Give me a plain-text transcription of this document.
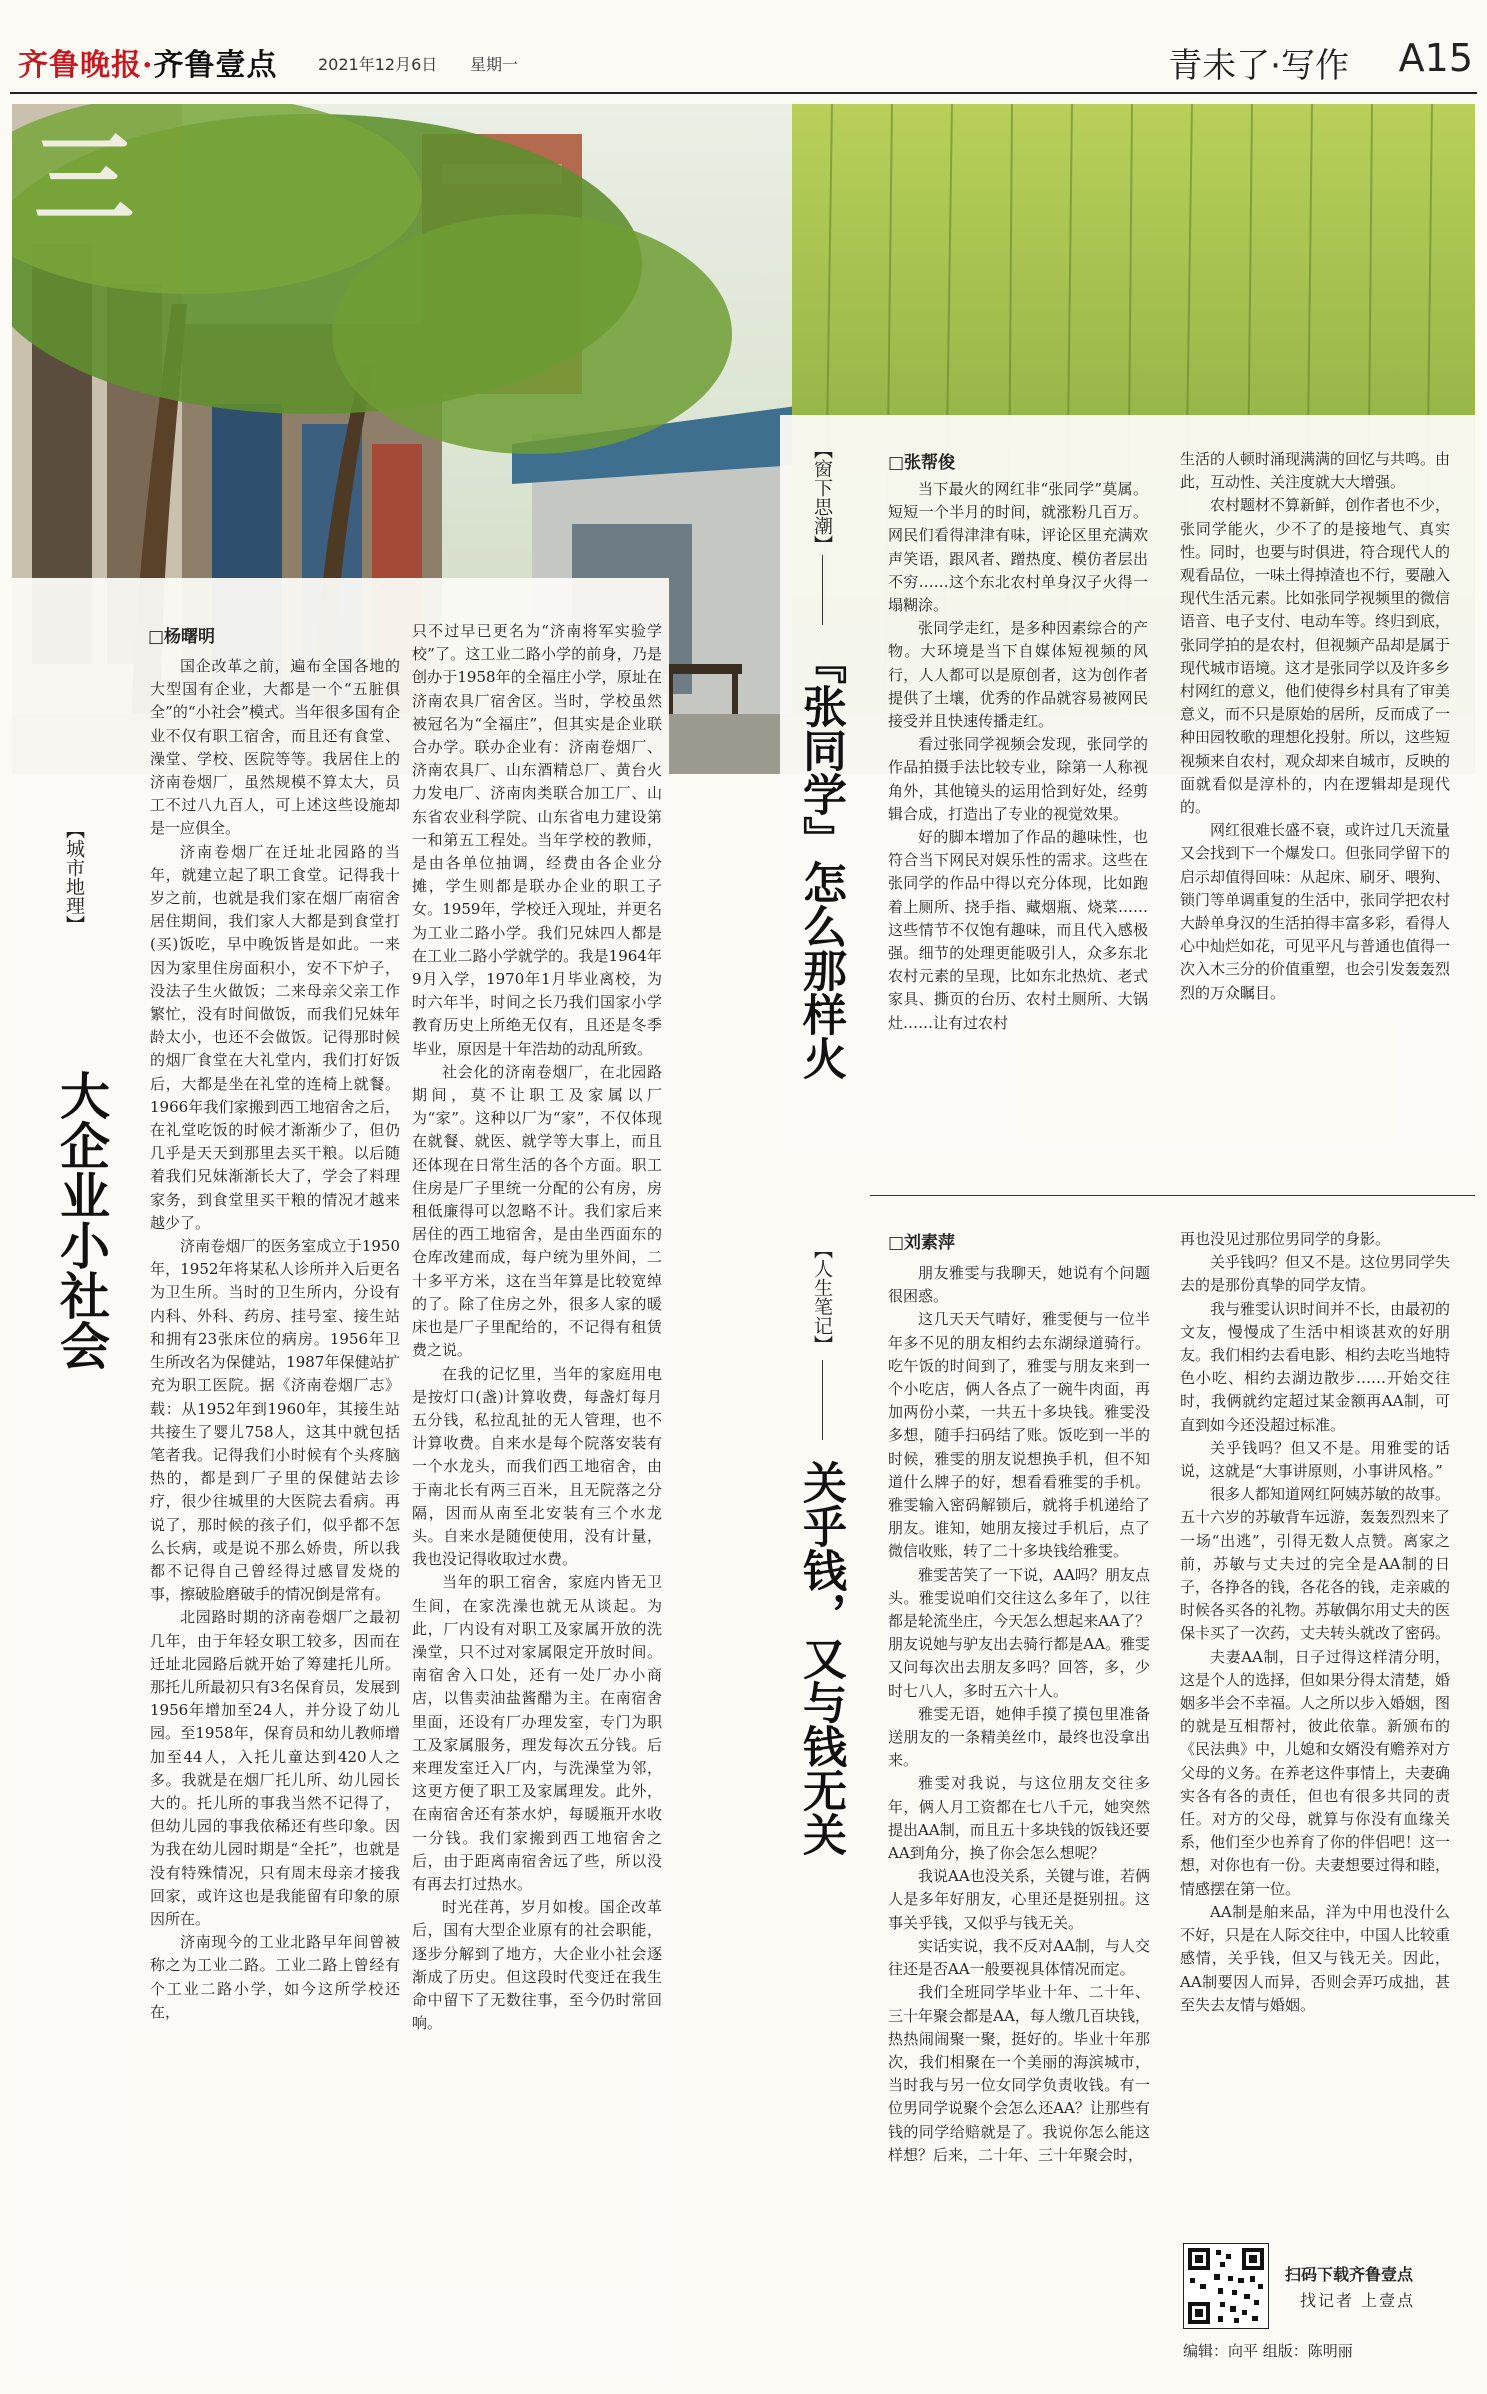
齐鲁晚报·齐鲁壹点	2021年12月6日 星期一	青未了·写作 A15
三
【城市地理】
大企业小社会
□杨曙明

国企改革之前，遍布全国各地的大型国有企业，大都是一个“五脏俱全”的“小社会”模式。当年很多国有企业不仅有职工宿舍，而且还有食堂、澡堂、学校、医院等等。我居住上的济南卷烟厂，虽然规模不算太大，员工不过八九百人，可上述这些设施却是一应俱全。

济南卷烟厂在迁址北园路的当年，就建立起了职工食堂。记得我十岁之前，也就是我们家在烟厂南宿舍居住期间，我们家人大都是到食堂打(买)饭吃，早中晚饭皆是如此。一来因为家里住房面积小，安不下炉子，没法子生火做饭；二来母亲父亲工作繁忙，没有时间做饭，而我们兄妹年龄太小，也还不会做饭。记得那时候的烟厂食堂在大礼堂内，我们打好饭后，大都是坐在礼堂的连椅上就餐。1966年我们家搬到西工地宿舍之后，在礼堂吃饭的时候才渐渐少了，但仍几乎是天天到那里去买干粮。以后随着我们兄妹渐渐长大了，学会了料理家务，到食堂里买干粮的情况才越来越少了。

济南卷烟厂的医务室成立于1950年，1952年将某私人诊所并入后更名为卫生所。当时的卫生所内，分设有内科、外科、药房、挂号室、接生站和拥有23张床位的病房。1956年卫生所改名为保健站，1987年保健站扩充为职工医院。据《济南卷烟厂志》载：从1952年到1960年，其接生站共接生了婴儿758人，这其中就包括笔者我。记得我们小时候有个头疼脑热的，都是到厂子里的保健站去诊疗，很少往城里的大医院去看病。再说了，那时候的孩子们，似乎都不怎么长病，或是说不那么娇贵，所以我都不记得自己曾经得过感冒发烧的事，擦破脸磨破手的情况倒是常有。

北园路时期的济南卷烟厂之最初几年，由于年轻女职工较多，因而在迁址北园路后就开始了筹建托儿所。那托儿所最初只有3名保育员，发展到1956年增加至24人，并分设了幼儿园。至1958年，保育员和幼儿教师增加至44人，入托儿童达到420人之多。我就是在烟厂托儿所、幼儿园长大的。托儿所的事我当然不记得了，但幼儿园的事我依稀还有些印象。因为我在幼儿园时期是“全托”，也就是没有特殊情况，只有周末母亲才接我回家，或许这也是我能留有印象的原因所在。

济南现今的工业北路早年间曾被称之为工业二路。工业二路上曾经有个工业二路小学，如今这所学校还在，

只不过早已更名为“济南将军实验学校”了。这工业二路小学的前身，乃是创办于1958年的全福庄小学，原址在济南农具厂宿舍区。当时，学校虽然被冠名为“全福庄”，但其实是企业联合办学。联办企业有：济南卷烟厂、济南农具厂、山东酒精总厂、黄台火力发电厂、济南肉类联合加工厂、山东省农业科学院、山东省电力建设第一和第五工程处。当年学校的教师，是由各单位抽调，经费由各企业分摊，学生则都是联办企业的职工子女。1959年，学校迁入现址，并更名为工业二路小学。我们兄妹四人都是在工业二路小学就学的。我是1964年9月入学，1970年1月毕业离校，为时六年半，时间之长乃我们国家小学教育历史上所绝无仅有，且还是冬季毕业，原因是十年浩劫的动乱所致。

社会化的济南卷烟厂，在北园路期间，莫不让职工及家属以厂为“家”。这种以厂为“家”，不仅体现在就餐、就医、就学等大事上，而且还体现在日常生活的各个方面。职工住房是厂子里统一分配的公有房，房租低廉得可以忽略不计。我们家后来居住的西工地宿舍，是由坐西面东的仓库改建而成，每户统为里外间，二十多平方米，这在当年算是比较宽绰的了。除了住房之外，很多人家的暖床也是厂子里配给的，不记得有租赁费之说。

在我的记忆里，当年的家庭用电是按灯口(盏)计算收费，每盏灯每月五分钱，私拉乱扯的无人管理，也不计算收费。自来水是每个院落安装有一个水龙头，而我们西工地宿舍，由于南北长有两三百米，且无院落之分隔，因而从南至北安装有三个水龙头。自来水是随便使用，没有计量，我也没记得收取过水费。

当年的职工宿舍，家庭内皆无卫生间，在家洗澡也就无从谈起。为此，厂内设有对职工及家属开放的洗澡堂，只不过对家属限定开放时间。南宿舍入口处，还有一处厂办小商店，以售卖油盐酱醋为主。在南宿舍里面，还设有厂办理发室，专门为职工及家属服务，理发每次五分钱。后来理发室迁入厂内，与洗澡堂为邻，这更方便了职工及家属理发。此外，在南宿舍还有茶水炉，每暖瓶开水收一分钱。我们家搬到西工地宿舍之后，由于距离南宿舍远了些，所以没有再去打过热水。

时光荏苒，岁月如梭。国企改革后，国有大型企业原有的社会职能，逐步分解到了地方，大企业小社会逐渐成了历史。但这段时代变迁在我生命中留下了无数往事，至今仍时常回响。

【窗下思潮】
『张同学』怎么那样火
□张帮俊

当下最火的网红非“张同学”莫属。短短一个半月的时间，就涨粉几百万。网民们看得津津有味，评论区里充满欢声笑语，跟风者、蹭热度、模仿者层出不穷……这个东北农村单身汉子火得一塌糊涂。

张同学走红，是多种因素综合的产物。大环境是当下自媒体短视频的风行，人人都可以是原创者，这为创作者提供了土壤，优秀的作品就容易被网民接受并且快速传播走红。

看过张同学视频会发现，张同学的作品拍摄手法比较专业，除第一人称视角外，其他镜头的运用恰到好处，经剪辑合成，打造出了专业的视觉效果。

好的脚本增加了作品的趣味性，也符合当下网民对娱乐性的需求。这些在张同学的作品中得以充分体现，比如跑着上厕所、挠手指、藏烟瓶、烧菜……这些情节不仅饱有趣味，而且代入感极强。细节的处理更能吸引人，众多东北农村元素的呈现，比如东北热炕、老式家具、撕页的台历、农村土厕所、大锅灶……让有过农村

生活的人顿时涌现满满的回忆与共鸣。由此，互动性、关注度就大大增强。

农村题材不算新鲜，创作者也不少，张同学能火，少不了的是接地气、真实性。同时，也要与时俱进，符合现代人的观看品位，一味土得掉渣也不行，要融入现代生活元素。比如张同学视频里的微信语音、电子支付、电动车等。终归到底，张同学拍的是农村，但视频产品却是属于现代城市语境。这才是张同学以及许多乡村网红的意义，他们使得乡村具有了审美意义，而不只是原始的居所，反而成了一种田园牧歌的理想化投射。所以，这些短视频来自农村，观众却来自城市，反映的面就看似是淳朴的，内在逻辑却是现代的。

网红很难长盛不衰，或许过几天流量又会找到下一个爆发口。但张同学留下的启示却值得回味：从起床、刷牙、喂狗、锁门等单调重复的生活中，张同学把农村大龄单身汉的生活拍得丰富多彩，看得人心中灿烂如花，可见平凡与普通也值得一次入木三分的价值重塑，也会引发轰轰烈烈的万众瞩目。

【人生笔记】
关乎钱，又与钱无关
□刘素萍

朋友雅雯与我聊天，她说有个问题很困惑。

这几天天气晴好，雅雯便与一位半年多不见的朋友相约去东湖绿道骑行。吃午饭的时间到了，雅雯与朋友来到一个小吃店，俩人各点了一碗牛肉面，再加两份小菜，一共五十多块钱。雅雯没多想，随手扫码结了账。饭吃到一半的时候，雅雯的朋友说想换手机，但不知道什么牌子的好，想看看雅雯的手机。雅雯输入密码解锁后，就将手机递给了朋友。谁知，她朋友接过手机后，点了微信收账，转了二十多块钱给雅雯。

雅雯苦笑了一下说，AA吗？朋友点头。雅雯说咱们交往这么多年了，以往都是轮流坐庄，今天怎么想起来AA了？朋友说她与驴友出去骑行都是AA。雅雯又问每次出去朋友多吗？回答，多，少时七八人，多时五六十人。

雅雯无语，她伸手摸了摸包里准备送朋友的一条精美丝巾，最终也没拿出来。

雅雯对我说，与这位朋友交往多年，俩人月工资都在七八千元，她突然提出AA制，而且五十多块钱的饭钱还要AA到角分，换了你会怎么想呢？

我说AA也没关系，关键与谁，若俩人是多年好朋友，心里还是挺别扭。这事关乎钱，又似乎与钱无关。

实话实说，我不反对AA制，与人交往还是否AA一般要视具体情况而定。

我们全班同学毕业十年、二十年、三十年聚会都是AA，每人缴几百块钱，热热闹闹聚一聚，挺好的。毕业十年那次，我们相聚在一个美丽的海滨城市，当时我与另一位女同学负责收钱。有一位男同学说聚个会怎么还AA？让那些有钱的同学给赔就是了。我说你怎么能这样想？后来，二十年、三十年聚会时，

再也没见过那位男同学的身影。

关乎钱吗？但又不是。这位男同学失去的是那份真挚的同学友情。

我与雅雯认识时间并不长，由最初的文友，慢慢成了生活中相谈甚欢的好朋友。我们相约去看电影、相约去吃当地特色小吃、相约去湖边散步……开始交往时，我俩就约定超过某金额再AA制，可直到如今还没超过标准。

关乎钱吗？但又不是。用雅雯的话说，这就是“大事讲原则，小事讲风格。”

很多人都知道网红阿姨苏敏的故事。五十六岁的苏敏背车远游，轰轰烈烈来了一场“出逃”，引得无数人点赞。离家之前，苏敏与丈夫过的完全是AA制的日子，各挣各的钱，各花各的钱，走亲戚的时候各买各的礼物。苏敏偶尔用丈夫的医保卡买了一次药，丈夫转头就改了密码。

夫妻AA制，日子过得这样清分明，这是个人的选择，但如果分得太清楚，婚姻多半会不幸福。人之所以步入婚姻，图的就是互相帮衬，彼此依靠。新颁布的《民法典》中，儿媳和女婿没有赡养对方父母的义务。在养老这件事情上，夫妻确实各有各的责任，但也有很多共同的责任。对方的父母，就算与你没有血缘关系，他们至少也养育了你的伴侣吧！这一想，对你也有一份。夫妻想要过得和睦，情感摆在第一位。

AA制是舶来品，洋为中用也没什么不好，只是在人际交往中，中国人比较重感情，关乎钱，但又与钱无关。因此，AA制要因人而异，否则会弄巧成拙，甚至失去友情与婚姻。

扫码下载齐鲁壹点
找记者 上壹点
编辑：向平 组版：陈明丽
